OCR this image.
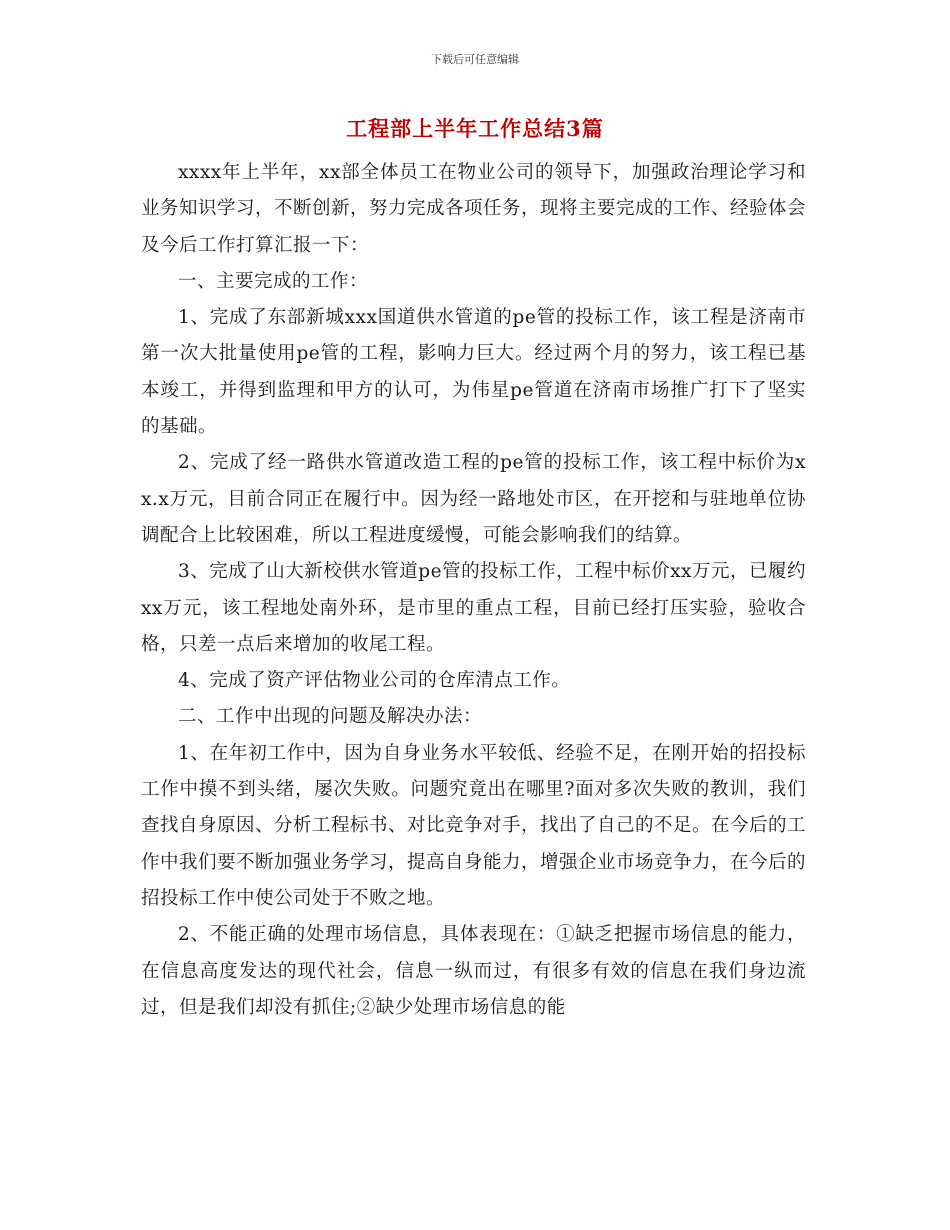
下载后可任意编辑
工程部上半年工作总结3篇

xxxx年上半年，xx部全体员工在物业公司的领导下，加强政治理论学习和业务知识学习，不断创新，努力完成各项任务，现将主要完成的工作、经验体会及今后工作打算汇报一下：

一、主要完成的工作：

1、完成了东部新城xxx国道供水管道的pe管的投标工作，该工程是济南市第一次大批量使用pe管的工程，影响力巨大。经过两个月的努力，该工程已基本竣工，并得到监理和甲方的认可，为伟星pe管道在济南市场推广打下了坚实的基础。

2、完成了经一路供水管道改造工程的pe管的投标工作，该工程中标价为xx.x万元，目前合同正在履行中。因为经一路地处市区，在开挖和与驻地单位协调配合上比较困难，所以工程进度缓慢，可能会影响我们的结算。

3、完成了山大新校供水管道pe管的投标工作，工程中标价xx万元，已履约xx万元，该工程地处南外环，是市里的重点工程，目前已经打压实验，验收合格，只差一点后来增加的收尾工程。

4、完成了资产评估物业公司的仓库清点工作。

二、工作中出现的问题及解决办法：

1、在年初工作中，因为自身业务水平较低、经验不足，在刚开始的招投标工作中摸不到头绪，屡次失败。问题究竟出在哪里?面对多次失败的教训，我们查找自身原因、分析工程标书、对比竞争对手，找出了自己的不足。在今后的工作中我们要不断加强业务学习，提高自身能力，增强企业市场竞争力，在今后的招投标工作中使公司处于不败之地。

2、不能正确的处理市场信息，具体表现在：①缺乏把握市场信息的能力，在信息高度发达的现代社会，信息一纵而过，有很多有效的信息在我们身边流过，但是我们却没有抓住;②缺少处理市场信息的能
